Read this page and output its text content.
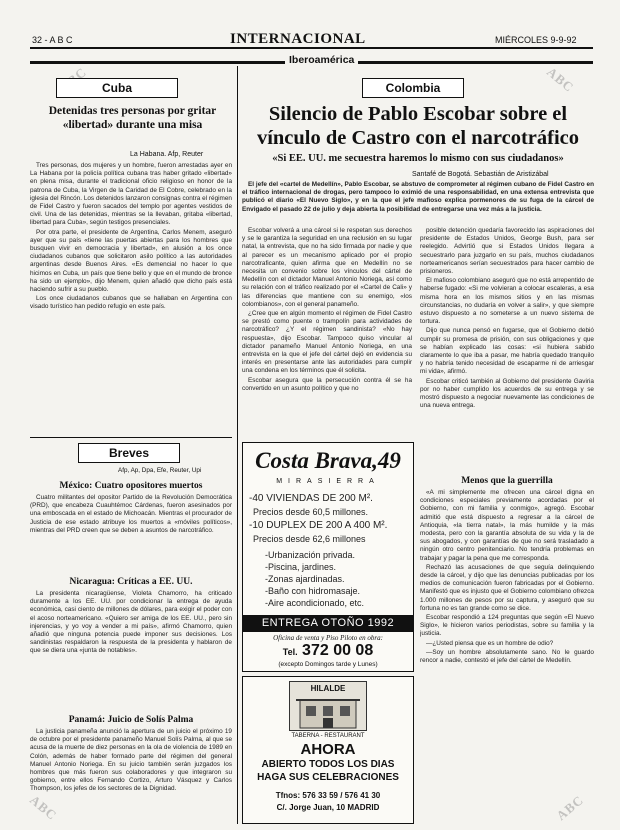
32 - A B C	INTERNACIONAL	MIÉRCOLES 9-9-92
Iberoamérica
ABC
ABC	ABC
Cuba
Detenidas tres personas por gritar «libertad» durante una misa
La Habana. Afp, Reuter

Tres personas, dos mujeres y un hombre, fueron arrestadas ayer en La Habana por la policía política cubana tras haber gritado «libertad» en plena misa, durante el tradicional oficio religioso en honor de la patrona de Cuba, la Virgen de la Caridad de El Cobre, celebrado en la iglesia del Rincón. Los detenidos lanzaron consignas contra el régimen de Fidel Castro y fueron sacados del templo por agentes vestidos de civil. Una de las detenidas, mientras se la llevaban, gritaba «libertad, libertad para Cuba», según testigos presenciales.

Por otra parte, el presidente de Argentina, Carlos Menem, aseguró ayer que su país «tiene las puertas abiertas para los hombres que busquen vivir en democracia y libertad», en alusión a los once ciudadanos cubanos que solicitaron asilo político a las autoridades argentinas desde Buenos Aires. «Es demencial no hacer lo que hicimos en Cuba, un país que tiene bello y que en el mundo de bronce ha sido un ejemplo», dijo Menem, quien añadió que dicho país está haciendo sufrir a su pueblo.

Los once ciudadanos cubanos que se hallaban en Argentina con visado turístico han pedido refugio en este país.

Breves
Afp, Ap, Dpa, Efe, Reuter, Upi
México: Cuatro opositores muertos
Cuatro militantes del opositor Partido de la Revolución Democrática (PRD), que encabeza Cuauhtémoc Cárdenas, fueron asesinados por una emboscada en el estado de Michoacán. Mientras el procurador de Justicia de ese estado atribuye los muertos a «móviles políticos», mientras del PRD creen que se deben a asuntos de narcotráfico.
Nicaragua: Críticas a EE. UU.
La presidenta nicaragüense, Violeta Chamorro, ha criticado duramente a los EE. UU. por condicionar la entrega de ayuda económica, casi ciento de millones de dólares, para exigir el poder con el acoso norteamericano. «Quiero ser amiga de los EE. UU., pero sin injerencias, y yo voy a vender a mi país», afirmó Chamorro, quien añadió que ninguna potencia puede imponer sus decisiones. Los sandinistas respaldaron la respuesta de la presidenta y hablaron de que se diera una «junta de notables».
Panamá: Juicio de Solís Palma
La justicia panameña anunció la apertura de un juicio el próximo 19 de octubre por el presidente panameño Manuel Solís Palma, al que se acusa de la muerte de diez personas en la ola de violencia de 1989 en Colón, además de haber formado parte del régimen del general Manuel Antonio Noriega. En su juicio también serán juzgados los hombres que más fueron sus colaboradores y que integraron su gobierno, entre ellos Fernando Cortizo, Arturo Vásquez y Carlos Thompson, los jefes de los sectores de la Dignidad.
Colombia
Silencio de Pablo Escobar sobre el vínculo de Castro con el narcotráfico
«Si EE. UU. me secuestra haremos lo mismo con sus ciudadanos»
Santafé de Bogotá. Sebastián de Aristizábal
El jefe del «cartel de Medellín», Pablo Escobar, se abstuvo de comprometer al régimen cubano de Fidel Castro en el tráfico internacional de drogas, pero tampoco lo eximió de una responsabilidad, en una extensa entrevista que publicó el diario «El Nuevo Siglo», y en la que el jefe mafioso explica pormenores de su fuga de la cárcel de Envigado el pasado 22 de julio y deja abierta la posibilidad de entregarse una vez más a la justicia.

Escobar volverá a una cárcel si le respetan sus derechos y se le garantiza la seguridad en una reclusión en su lugar natal, la entrevista, que no ha sido firmada por nadie y que al parecer es un mecanismo aplicado por el propio narcotraficante, quien afirma que en Medellín no se necesita un convenio sobre los vínculos del cártel de Medellín con el dictador Manuel Antonio Noriega, así como su relación con el tráfico realizado por el «Cartel de Cali» y las diferencias que mantiene con su enemigo, «los colombianos», con el general panameño.

¿Cree que en algún momento el régimen de Fidel Castro se prestó como puente o trampolín para actividades de narcotráfico? ¿Y el régimen sandinista? «No hay respuesta», dijo Escobar. Tampoco quiso vincular al dictador panameño Manuel Antonio Noriega, en una entrevista en la que el jefe del cártel dejó en evidencia su interés en presentarse ante las autoridades para cumplir una condena en los términos que él solicita.

Escobar asegura que la persecución contra él se ha convertido en un asunto político y que no

posible detención quedaría favorecido las aspiraciones del presidente de Estados Unidos, George Bush, para ser reelegido. Advirtió que si Estados Unidos llegara a secuestrarlo para juzgarlo en su país, muchos ciudadanos norteamericanos serían secuestrados para hacer cambio de prisioneros.

El mafioso colombiano aseguró que no está arrepentido de haberse fugado: «Si me volvieran a colocar escaleras, a esa misma hora en los mismos sitios y en las mismas circunstancias, no dudaría en volver a salir», y que siempre estuvo dispuesto a no someterse a un nuevo sistema de tortura.

Dijo que nunca pensó en fugarse, que el Gobierno debió cumplir su promesa de prisión, con sus obligaciones y que se habían explicado las cosas: «si hubiera sabido claramente lo que iba a pasar, me habría quedado tranquilo y no habría tenido necesidad de escaparme ni de arriesgar mi vida», afirmó.

Escobar criticó también al Gobierno del presidente Gaviria por no haber cumplido los acuerdos de su entrega y se mostró dispuesto a negociar nuevamente las condiciones de una nueva entrega.

Menos que la guerrilla

«A mi simplemente me ofrecen una cárcel digna en condiciones especiales previamente acordadas por el Gobierno, con mi familia y conmigo», agregó. Escobar admitió que está dispuesto a regresar a la cárcel de Antioquia, «la tierra natal», la más humilde y la más modesta, pero con la garantía absoluta de su vida y la de sus abogados, y con garantías de que no será trasladado a ningún otro centro penitenciario. No tendría problemas en trabajar y pagar la pena que me corresponda.

Rechazó las acusaciones de que seguía delinquiendo desde la cárcel, y dijo que las denuncias publicadas por los medios de comunicación fueron fabricadas por el Gobierno. Manifestó que es injusto que el Gobierno colombiano ofrezca 1.000 millones de pesos por su captura, y aseguró que su fortuna no es tan grande como se dice.

Escobar respondió a 124 preguntas que según «El Nuevo Siglo», le hicieron varios periodistas, sobre su familia y la justicia.

—¿Usted piensa que es un hombre de odio?

—Soy un hombre absolutamente sano. No le guardo rencor a nadie, contestó el jefe del cártel de Medellín.

Costa Brava,49
MIRASIERRA
-40 VIVIENDAS DE 200 M².
Precios desde 60,5 millones.
-10 DUPLEX DE 200 A 400 M².
Precios desde 62,6 millones
-Urbanización privada.
-Piscina, jardines.
-Zonas ajardinadas.
-Baño con hidromasaje.
-Aire acondicionado, etc.
ENTREGA OTOÑO 1992
Oficina de venta y Piso Piloto en obra:
Tel. 372 00 08
(excepto Domingos tarde y Lunes)
HILALDE
TABERNA - RESTAURANT
AHORA
ABIERTO TODOS LOS DIAS
HAGA SUS CELEBRACIONES
Tfnos: 576 33 59 / 576 41 30
C/. Jorge Juan, 10 MADRID
